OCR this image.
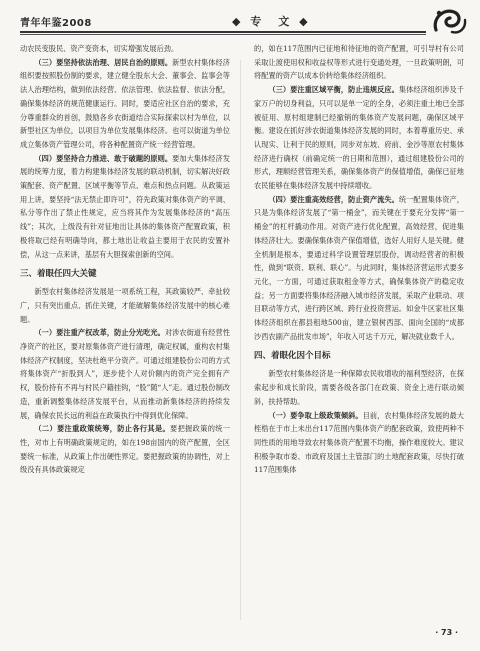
青年年鉴2008	◆ 专　文 ◆

动农民变股民、资产变资本，切实增强发展后劲。

（三）要坚持依法治理、居民自治的原则。新型农村集体经济组织要按照股份制的要求，建立健全股东大会、董事会、监事会等法人治理结构，做到依法经营、依法管理、依法监督、依法分配，确保集体经济的规范健康运行。同时，要适应社区自治的要求，充分尊重群众的首创，鼓励各乡农街道结合实际探索以村为单位，以新型社区为单位，以项目为单位发展集体经济。也可以街道为单位成立集体资产管理公司，将各种配置资产统一经营管理。

（四）要坚持合力推进、敢于破题的原则。要加大集体经济发展的统筹力度，着力构建集体经济发展的联动机制，切实解决好政策配套、资产配置、区域平衡等节点、难点和热点问题。从政策运用上讲，要坚持“法无禁止即许可”，符先政策对集体资产的平调、私分等作出了禁止性规定，应当将其作为发展集体经济的“高压线”；其次，上级没有针对征地出让具体的集体资产配置政策，积极将取已经有明确导向，都土地出让收益主要用于农民的安置补偿，从这一点来讲，基层有大胆探索创新的空间。

三、着眼任四大关键

新型农村集体经济发展是一项系统工程，其政策较严、牵扯较广，只有突出重点、抓住关键，才能破解集体经济发展中的核心难题。

（一）要注重产权改革，防止分光吃光。对涉农街道有经营性净资产的社区，要对原集体资产进行清理，确定权属，重构农村集体经济产权制度，坚决杜绝平分资产。可通过组建股份公司的方式将集体资产“折股到人”，逐步使个人对价额内的资产完全拥有产权，股份持有不再与村民户籍挂钩，“股”随“人”走。通过股份制改造，重新调整集体经济发展平台，从而推动新集体经济的持续发展，确保农民长远的利益在政策执行中得到优化保障。

（二）要注重政策统筹，防止各行其是。要把握政策的统一性，对市上有明确政策规定的，如在198亩国内的资产配置，全区要统一标准，从政策上作出硬性界定。要把握政策的协调性，对上级没有具体政策规定

的，如在117范围内已征地和待征地的资产配置，可引导村有公司采取让渡使用权和收益权等形式进行变通处理，一旦政策明朗，可将配置的资产以成本价转给集体经济组织。

（三）要注重区域平衡，防止违规反应。集体经济组织涉及千家万户的切身利益，只可以是单一定的全身，必须注重土地已全部被征用、原村组建制已经撤销的集体资产发展问题，确保区域平衡。建设在抓好涉农街道集体经济发展的同时，本着尊重历史、承认现实、让利于民的原则，同步对东坡、府前、金沙等原农村集体经济进行确权（前确定统一的日期和范围），通过组建股份公司的形式，理顺经营管理关系，确保集体资产的保值增值，确保已征地农民能够在集体经济发展中持续增收。

（四）要注重高效经营，防止资产流失。统一配置集体资产，只是为集体经济发展了“第一桶金”，而关键在于要充分发挥“第一桶金”的杠杆撬动作用。对资产进行优化配置，高效经营，促进集体经济壮大。要确保集体资产保值增值，选好人用好人是关键。健全机制是根本，要通过科学设置管理层股份，调动经营者的积极性，做到“联资、联利、联心”。与此同时，集体经济营运形式要多元化，一方面，可通过获取租金等方式，确保集体资产的稳定收益；另一方面要将集体经济融入城市经济发展，采取产业联动、项目联动等方式，进行跨区域、跨行业投资营运。如金牛区家社区集体经济组织在都县租地500亩，建立银树西部、面向全国的“成都沙西农副产品批发市场”，年收入可达千万元，解决就业数千人。

四、着眼化因个目标

新型农村集体经济是一种保障农民收增收的福利型经济，在探索起步和成长阶段，需要各级各部门在政策、资金上进行联动倾斜，扶持帮助。

（一）要争取上级政策倾斜。目前，农村集体经济发展的最大桎梏在于市上未出台117范围内集体资产的配套政策，致使两种不同性质的用地导致农村集体资产配置不均衡，操作难度较大。建议积极争取市委、市政府及国土主管部门的土地配套政策，尽快打破117范围集体

· 73 ·
